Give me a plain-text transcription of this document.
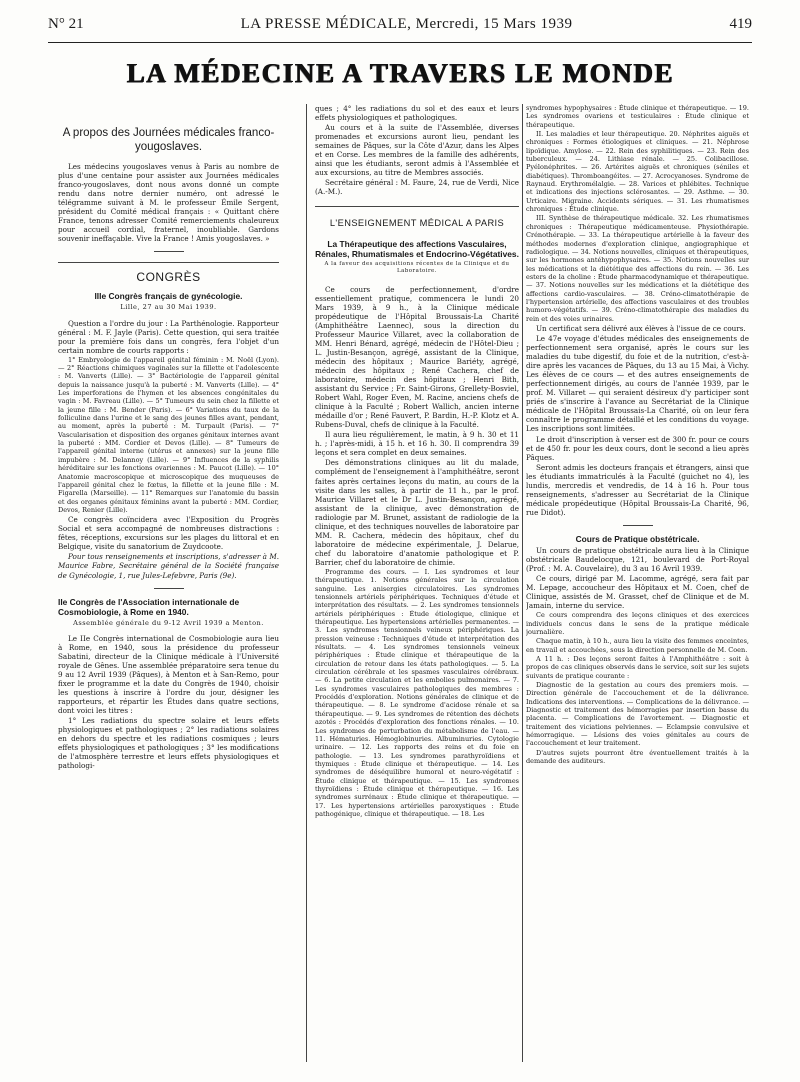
N° 21	LA PRESSE MÉDICALE, Mercredi, 15 Mars 1939	419
LA MÉDECINE A TRAVERS LE MONDE
A propos des Journées médicales franco-yougoslaves.

Les médecins yougoslaves venus à Paris au nombre de plus d'une centaine pour assister aux Journées médicales franco-yougoslaves, dont nous avons donné un compte rendu dans notre dernier numéro, ont adressé le télégramme suivant à M. le professeur Émile Sergent, président du Comité médical français : « Quittant chère France, tenons adresser Comité remerciements chaleureux pour accueil cordial, fraternel, inoubliable. Gardons souvenir ineffaçable. Vive la France ! Amis yougoslaves. »

CONGRÈS
IIIe Congrès français de gynécologie.
Lille, 27 au 30 Mai 1939.

Question a l'ordre du jour : La Parthénologie. Rapporteur général : M. F. Jayle (Paris). Cette question, qui sera traitée pour la première fois dans un congrès, fera l'objet d'un certain nombre de courts rapports :

1° Embryologie de l'appareil génital féminin : M. Noël (Lyon). — 2° Réactions chimiques vaginales sur la fillette et l'adolescente : M. Vanverts (Lille). — 3° Bactériologie de l'appareil génital depuis la naissance jusqu'à la puberté : M. Vanverts (Lille). — 4° Les imperforations de l'hymen et les absences congénitales du vagin : M. Favreau (Lille). — 5° Tumeurs du sein chez la fillette et la jeune fille : M. Bender (Paris). — 6° Variations du taux de la folliculine dans l'urine et le sang des jeunes filles avant, pendant, au moment, après la puberté : M. Turpault (Paris). — 7° Vascularisation et disposition des organes génitaux internes avant la puberté : MM. Cordier et Devos (Lille). — 8° Tumeurs de l'appareil génital interne (utérus et annexes) sur la jeune fille impubère : M. Delannoy (Lille). — 9° Influences de la syphilis héréditaire sur les fonctions ovariennes : M. Paucot (Lille). — 10° Anatomie macroscopique et microscopique des muqueuses de l'appareil génital chez le fœtus, la fillette et la jeune fille : M. Figarella (Marseille). — 11° Remarques sur l'anatomie du bassin et des organes génitaux féminins avant la puberté : MM. Cordier, Devos, Renier (Lille).

Ce congrès coïncidera avec l'Exposition du Progrès Social et sera accompagné de nombreuses distractions : fêtes, réceptions, excursions sur les plages du littoral et en Belgique, visite du sanatorium de Zuydcoote.

Pour tous renseignements et inscriptions, s'adresser à M. Maurice Fabre, Secrétaire général de la Société française de Gynécologie, 1, rue Jules-Lefebvre, Paris (9e).

IIe Congrès de l'Association internationale de Cosmobiologie, à Rome en 1940.
Assemblée générale du 9-12 Avril 1939 a Menton.

Le IIe Congrès international de Cosmobiologie aura lieu à Rome, en 1940, sous la présidence du professeur Sabatini, directeur de la Clinique médicale à l'Université royale de Gênes. Une assemblée préparatoire sera tenue du 9 au 12 Avril 1939 (Pâques), à Menton et à San-Remo, pour fixer le programme et la date du Congrès de 1940, choisir les questions à inscrire à l'ordre du jour, désigner les rapporteurs, et répartir les Études dans quatre sections, dont voici les titres :

1° Les radiations du spectre solaire et leurs effets physiologiques et pathologiques ; 2° les radiations solaires en dehors du spectre et les radiations cosmiques ; leurs effets physiologiques et pathologiques ; 3° les modifications de l'atmosphère terrestre et leurs effets physiologiques et pathologi-

ques ; 4° les radiations du sol et des eaux et leurs effets physiologiques et pathologiques.

Au cours et à la suite de l'Assemblée, diverses promenades et excursions auront lieu, pendant les semaines de Pâques, sur la Côte d'Azur, dans les Alpes et en Corse. Les membres de la famille des adhérents, ainsi que les étudiants, seront admis à l'Assemblée et aux excursions, au titre de Membres associés.

Secrétaire général : M. Faure, 24, rue de Verdi, Nice (A.-M.).

L'ENSEIGNEMENT MÉDICAL A PARIS
La Thérapeutique des affections Vasculaires, Rénales, Rhumatismales et Endocrino-Végétatives.
A la faveur des acquisitions récentes de la Clinique et du Laboratoire.

Ce cours de perfectionnement, d'ordre essentiellement pratique, commencera le lundi 20 Mars 1939, à 9 h., à la Clinique médicale propédeutique de l'Hôpital Broussais-La Charité (Amphithéâtre Laennec), sous la direction du Professeur Maurice Villaret, avec la collaboration de MM. Henri Bénard, agrégé, médecin de l'Hôtel-Dieu ; L. Justin-Besançon, agrégé, assistant de la Clinique, médecin des hôpitaux ; Maurice Bariéty, agrégé, médecin des hôpitaux ; René Cachera, chef de laboratoire, médecin des hôpitaux ; Henri Bith, assistant du Service ; Fr. Saint-Girons, Grellety-Bosviel, Robert Wahl, Roger Even, M. Racine, anciens chefs de clinique à la Faculté ; Robert Wallich, ancien interne médaille d'or ; René Fauvert, P. Bardin, H.-P. Klotz et A. Rubens-Duval, chefs de clinique à la Faculté.

Il aura lieu régulièrement, le matin, à 9 h. 30 et 11 h. ; l'après-midi, à 15 h. et 16 h. 30. Il comprendra 39 leçons et sera complet en deux semaines.

Des démonstrations cliniques au lit du malade, complément de l'enseignement à l'amphithéâtre, seront faites après certaines leçons du matin, au cours de la visite dans les salles, à partir de 11 h., par le prof. Maurice Villaret et le Dr L. Justin-Besançon, agrégé, assistant de la clinique, avec démonstration de radiologie par M. Brunet, assistant de radiologie de la clinique, et des techniques nouvelles de laboratoire par MM. R. Cachera, médecin des hôpitaux, chef du laboratoire de médecine expérimentale, J. Delarue, chef du laboratoire d'anatomie pathologique et P. Barrier, chef du laboratoire de chimie.

Programme des cours. — I. Les syndromes et leur thérapeutique. 1. Notions générales sur la circulation sanguine. Les anisergies circulatoires. Les syndromes tensionnels artériels périphériques. Techniques d'étude et interprétation des résultats. — 2. Les syndromes tensionnels artériels périphériques : Étude étiologique, clinique et thérapeutique. Les hypertensions artérielles permanentes. — 3. Les syndromes tensionnels veineux périphériques. La pression veineuse : Techniques d'étude et interprétation des résultats. — 4. Les syndromes tensionnels veineux périphériques : Étude clinique et thérapeutique de la circulation de retour dans les états pathologiques. — 5. La circulation cérébrale et les spasmes vasculaires cérébraux. — 6. La petite circulation et les embolies pulmonaires. — 7. Les syndromes vasculaires pathologiques des membres : Procédés d'exploration. Notions générales de clinique et de thérapeutique. — 8. Le syndrome d'acidose rénale et sa thérapeutique. — 9. Les syndromes de rétention des déchets azotés : Procédés d'exploration des fonctions rénales. — 10. Les syndromes de perturbation du métabolisme de l'eau. — 11. Hématuries. Hémoglobinuries. Albuminuries. Cytologie urinaire. — 12. Les rapports des reins et du foie en pathologie. — 13. Les syndromes parathyroïdiens et thymiques : Étude clinique et thérapeutique. — 14. Les syndromes de déséquilibre humoral et neuro-végétatif : Étude clinique et thérapeutique. — 15. Les syndromes thyroïdiens : Étude clinique et thérapeutique. — 16. Les syndromes surrénaux : Étude clinique et thérapeutique. — 17. Les hypertensions artérielles paroxystiques : Étude pathogénique, clinique et thérapeutique. — 18. Les

syndromes hypophysaires : Étude clinique et thérapeutique. — 19. Les syndromes ovariens et testiculaires : Étude clinique et thérapeutique.

II. Les maladies et leur thérapeutique. 20. Néphrites aiguës et chroniques : Formes étiologiques et cliniques. — 21. Néphrose lipoïdique. Amylose. — 22. Rein des syphilitiques. — 23. Rein des tuberculeux. — 24. Lithiase rénale. — 25. Colibacillose. Pyélonéphrites. — 26. Artérites aiguës et chroniques (séniles et diabétiques). Thromboangéites. — 27. Acrocyanoses. Syndrome de Raynaud. Erythromélalgie. — 28. Varices et phlébites. Technique et indications des injections sclérosantes. — 29. Asthme. — 30. Urticaire. Migraine. Accidents sériques. — 31. Les rhumatismes chroniques : Étude clinique.

III. Synthèse de thérapeutique médicale. 32. Les rhumatismes chroniques : Thérapeutique médicamenteuse. Physiothérapie. Crénothérapie. — 33. La thérapeutique artérielle à la faveur des méthodes modernes d'exploration clinique, angiographique et radiologique. — 34. Notions nouvelles, cliniques et thérapeutiques, sur les hormones antéhypophysaires. — 35. Notions nouvelles sur les médications et la diététique des affections du rein. — 36. Les esters de la choline : Étude pharmacodynamique et thérapeutique. — 37. Notions nouvelles sur les médications et la diététique des affections cardio-vasculaires. — 38. Créno-climatothérapie de l'hypertension artérielle, des affections vasculaires et des troubles humoro-végétatifs. — 39. Créno-climatothérapie des maladies du rein et des voies urinaires.

Un certificat sera délivré aux élèves à l'issue de ce cours.

Le 47e voyage d'études médicales des enseignements de perfectionnement sera organisé, après le cours sur les maladies du tube digestif, du foie et de la nutrition, c'est-à-dire après les vacances de Pâques, du 13 au 15 Mai, à Vichy. Les élèves de ce cours — et des autres enseignements de perfectionnement dirigés, au cours de l'année 1939, par le prof. M. Villaret — qui seraient désireux d'y participer sont priés de s'inscrire à l'avance au Secrétariat de la Clinique médicale de l'Hôpital Broussais-La Charité, où on leur fera connaître le programme détaillé et les conditions du voyage. Les inscriptions sont limitées.

Le droit d'inscription à verser est de 300 fr. pour ce cours et de 450 fr. pour les deux cours, dont le second a lieu après Pâques.

Seront admis les docteurs français et étrangers, ainsi que les étudiants immatriculés à la Faculté (guichet no 4), les lundis, mercredis et vendredis, de 14 à 16 h. Pour tous renseignements, s'adresser au Secrétariat de la Clinique médicale propédeutique (Hôpital Broussais-La Charité, 96, rue Didot).

Cours de Pratique obstétricale.

Un cours de pratique obstétricale aura lieu à la Clinique obstétricale Baudelocque, 121, boulevard de Port-Royal (Prof. : M. A. Couvelaire), du 3 au 16 Avril 1939.

Ce cours, dirigé par M. Lacomme, agrégé, sera fait par M. Lepage, accoucheur des Hôpitaux et M. Coen, chef de Clinique, assistés de M. Grasset, chef de Clinique et de M. Jamain, interne du service.

Ce cours comprendra des leçons cliniques et des exercices individuels concus dans le sens de la pratique médicale journalière.

Chaque matin, à 10 h., aura lieu la visite des femmes enceintes, en travail et accouchées, sous la direction personnelle de M. Coen.

A 11 h. : Des leçons seront faites à l'Amphithéâtre : soit à propos de cas cliniques observés dans le service, soit sur les sujets suivants de pratique courante :

Diagnostic de la gestation au cours des premiers mois. — Direction générale de l'accouchement et de la délivrance. Indications des interventions. — Complications de la délivrance. — Diagnostic et traitement des hémorragies par insertion basse du placenta. — Complications de l'avortement. — Diagnostic et traitement des viciations pelviennes. — Eclampsie convulsive et hémorragique. — Lésions des voies génitales au cours de l'accouchement et leur traitement.

D'autres sujets pourront être éventuellement traités à la demande des auditeurs.
